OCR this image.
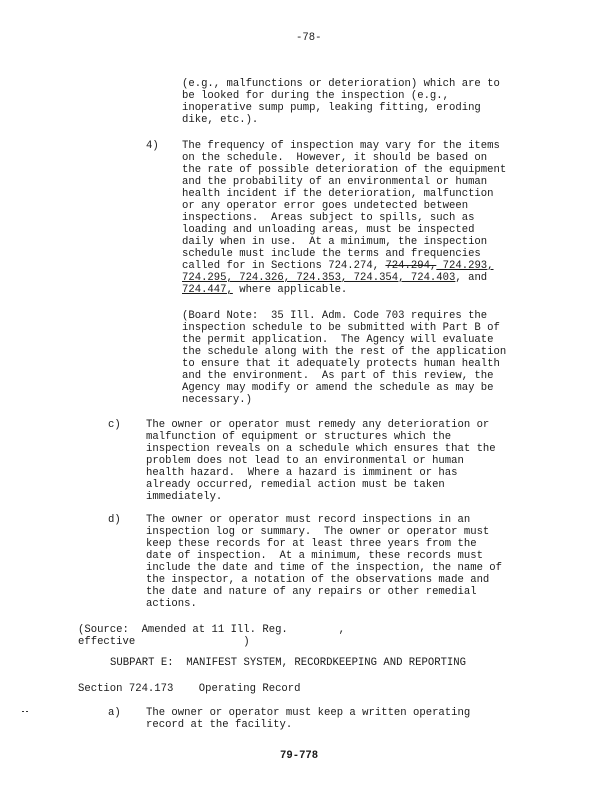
-78-
(e.g., malfunctions or deterioration) which are to
be looked for during the inspection (e.g.,
inoperative sump pump, leaking fitting, eroding
dike, etc.).
4) The frequency of inspection may vary for the items
on the schedule.  However, it should be based on
the rate of possible deterioration of the equipment
and the probability of an environmental or human
health incident if the deterioration, malfunction
or any operator error goes undetected between
inspections.  Areas subject to spills, such as
loading and unloading areas, must be inspected
daily when in use.  At a minimum, the inspection
schedule must include the terms and frequencies
called for in Sections 724.274, 724.294, 724.293,
724.295, 724.326, 724.353, 724.354, 724.403, and
724.447, where applicable.
(Board Note:  35 Ill. Adm. Code 703 requires the
inspection schedule to be submitted with Part B of
the permit application.  The Agency will evaluate
the schedule along with the rest of the application
to ensure that it adequately protects human health
and the environment.  As part of this review, the
Agency may modify or amend the schedule as may be
necessary.)
c) The owner or operator must remedy any deterioration or
malfunction of equipment or structures which the
inspection reveals on a schedule which ensures that the
problem does not lead to an environmental or human
health hazard.  Where a hazard is imminent or has
already occurred, remedial action must be taken
immediately.
d) The owner or operator must record inspections in an
inspection log or summary.  The owner or operator must
keep these records for at least three years from the
date of inspection.  At a minimum, these records must
include the date and time of the inspection, the name of
the inspector, a notation of the observations made and
the date and nature of any repairs or other remedial
actions.
(Source:  Amended at 11 Ill. Reg.        ,
effective                 )
SUBPART E:  MANIFEST SYSTEM, RECORDKEEPING AND REPORTING
Section 724.173    Operating Record
a) The owner or operator must keep a written operating
record at the facility.
79-778
